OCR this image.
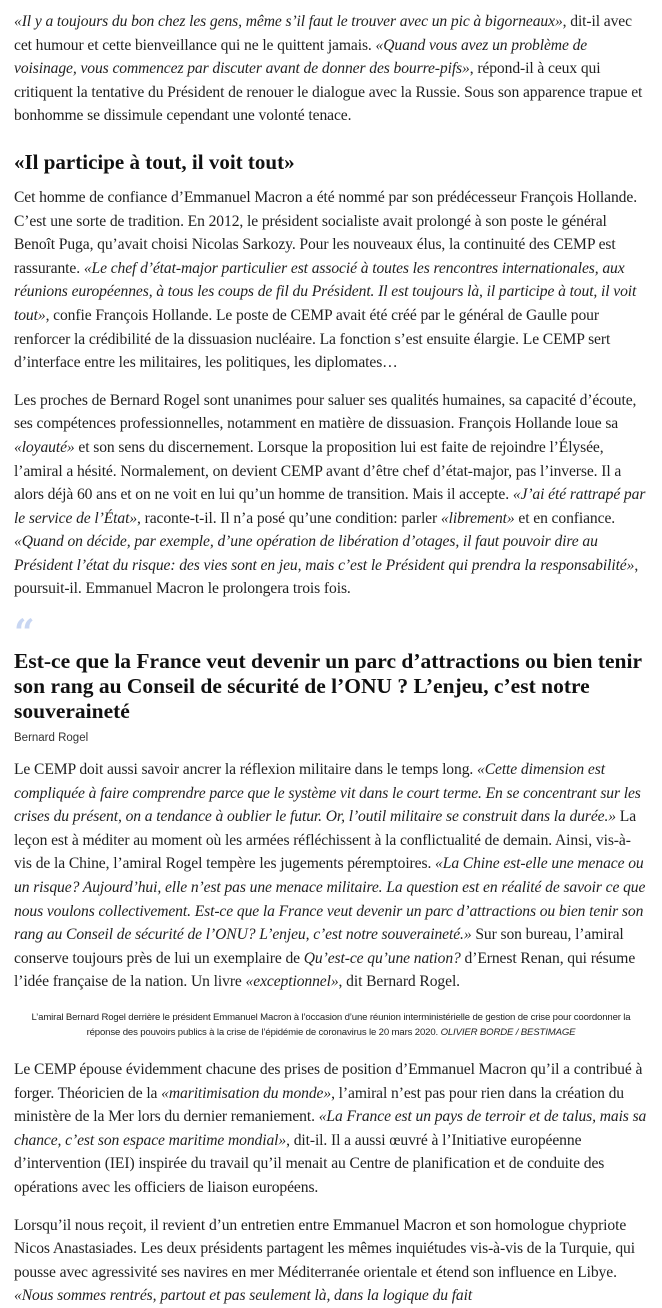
«Il y a toujours du bon chez les gens, même s’il faut le trouver avec un pic à bigorneaux», dit-il avec cet humour et cette bienveillance qui ne le quittent jamais. «Quand vous avez un problème de voisinage, vous commencez par discuter avant de donner des bourre-pifs», répond-il à ceux qui critiquent la tentative du Président de renouer le dialogue avec la Russie. Sous son apparence trapue et bonhomme se dissimule cependant une volonté tenace.

«Il participe à tout, il voit tout»

Cet homme de confiance d’Emmanuel Macron a été nommé par son prédécesseur François Hollande. C’est une sorte de tradition. En 2012, le président socialiste avait prolongé à son poste le général Benoît Puga, qu’avait choisi Nicolas Sarkozy. Pour les nouveaux élus, la continuité des CEMP est rassurante. «Le chef d’état-major particulier est associé à toutes les rencontres internationales, aux réunions européennes, à tous les coups de fil du Président. Il est toujours là, il participe à tout, il voit tout», confie François Hollande. Le poste de CEMP avait été créé par le général de Gaulle pour renforcer la crédibilité de la dissuasion nucléaire. La fonction s’est ensuite élargie. Le CEMP sert d’interface entre les militaires, les politiques, les diplomates…

Les proches de Bernard Rogel sont unanimes pour saluer ses qualités humaines, sa capacité d’écoute, ses compétences professionnelles, notamment en matière de dissuasion. François Hollande loue sa «loyauté» et son sens du discernement. Lorsque la proposition lui est faite de rejoindre l’Élysée, l’amiral a hésité. Normalement, on devient CEMP avant d’être chef d’état-major, pas l’inverse. Il a alors déjà 60 ans et on ne voit en lui qu’un homme de transition. Mais il accepte. «J’ai été rattrapé par le service de l’État», raconte-t-il. Il n’a posé qu’une condition: parler «librement» et en confiance. «Quand on décide, par exemple, d’une opération de libération d’otages, il faut pouvoir dire au Président l’état du risque: des vies sont en jeu, mais c’est le Président qui prendra la responsabilité», poursuit-il. Emmanuel Macron le prolongera trois fois.

“
Est-ce que la France veut devenir un parc d’attractions ou bien tenir son rang au Conseil de sécurité de l’ONU ? L’enjeu, c’est notre souveraineté
Bernard Rogel

Le CEMP doit aussi savoir ancrer la réflexion militaire dans le temps long. «Cette dimension est compliquée à faire comprendre parce que le système vit dans le court terme. En se concentrant sur les crises du présent, on a tendance à oublier le futur. Or, l’outil militaire se construit dans la durée.» La leçon est à méditer au moment où les armées réfléchissent à la conflictualité de demain. Ainsi, vis-à-vis de la Chine, l’amiral Rogel tempère les jugements péremptoires. «La Chine est-elle une menace ou un risque? Aujourd’hui, elle n’est pas une menace militaire. La question est en réalité de savoir ce que nous voulons collectivement. Est-ce que la France veut devenir un parc d’attractions ou bien tenir son rang au Conseil de sécurité de l’ONU? L’enjeu, c’est notre souveraineté.» Sur son bureau, l’amiral conserve toujours près de lui un exemplaire de Qu’est-ce qu’une nation? d’Ernest Renan, qui résume l’idée française de la nation. Un livre «exceptionnel», dit Bernard Rogel.

L’amiral Bernard Rogel derrière le président Emmanuel Macron à l’occasion d’une réunion interministérielle de gestion de crise pour coordonner la réponse des pouvoirs publics à la crise de l’épidémie de coronavirus le 20 mars 2020. OLIVIER BORDE / BESTIMAGE

Le CEMP épouse évidemment chacune des prises de position d’Emmanuel Macron qu’il a contribué à forger. Théoricien de la «maritimisation du monde», l’amiral n’est pas pour rien dans la création du ministère de la Mer lors du dernier remaniement. «La France est un pays de terroir et de talus, mais sa chance, c’est son espace maritime mondial», dit-il. Il a aussi œuvré à l’Initiative européenne d’intervention (IEI) inspirée du travail qu’il menait au Centre de planification et de conduite des opérations avec les officiers de liaison européens.

Lorsqu’il nous reçoit, il revient d’un entretien entre Emmanuel Macron et son homologue chypriote Nicos Anastasiades. Les deux présidents partagent les mêmes inquiétudes vis-à-vis de la Turquie, qui pousse avec agressivité ses navires en mer Méditerranée orientale et étend son influence en Libye. «Nous sommes rentrés, partout et pas seulement là, dans la logique du fait
